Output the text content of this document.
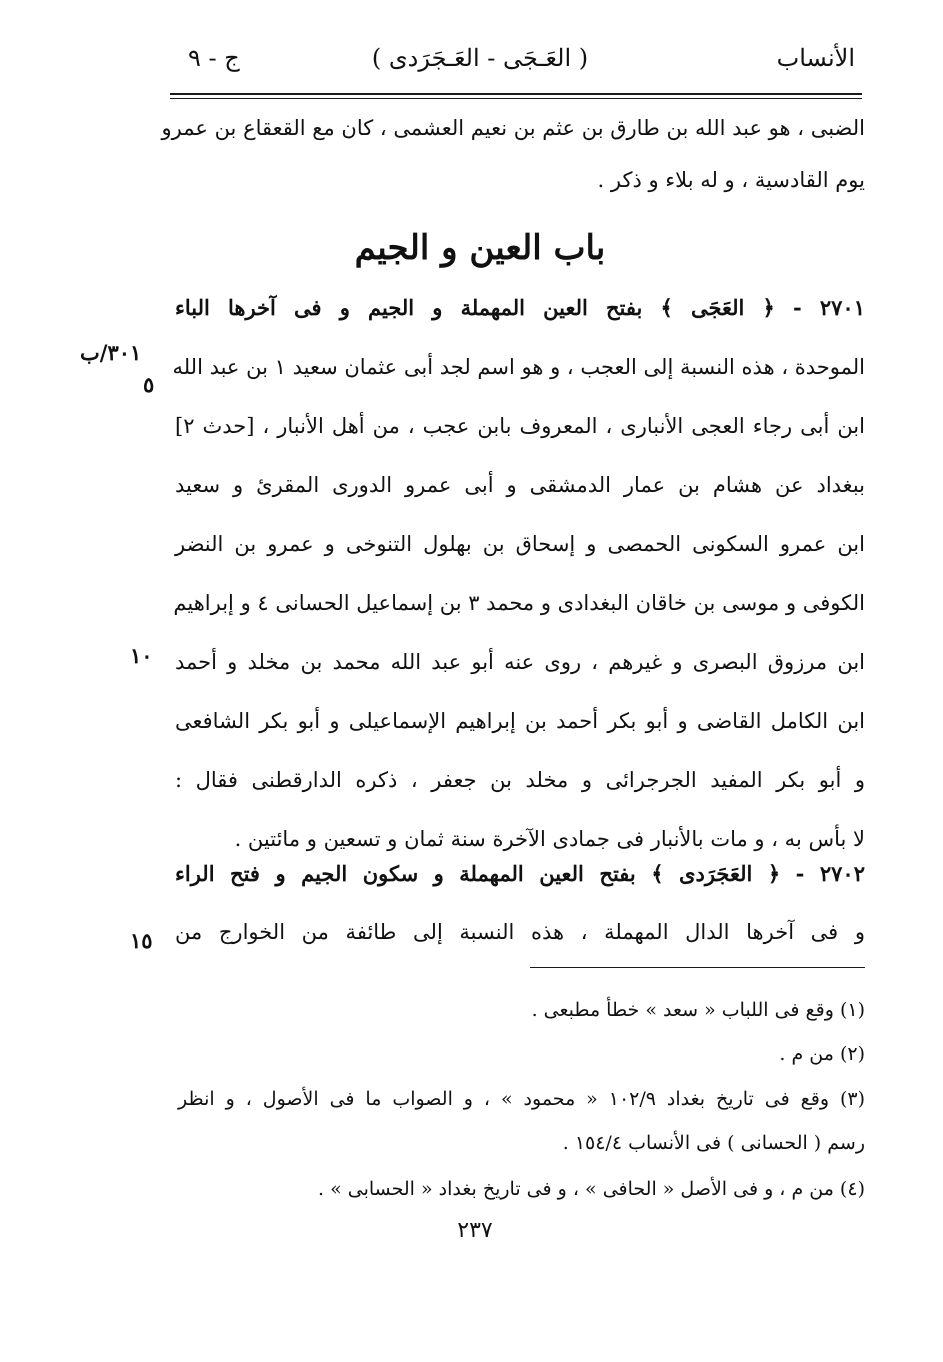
ج - ٩	( العَـجَى - العَـجَرَدى )	الأنساب
الضبى ، هو عبد الله بن طارق بن عثم بن نعيم العشمى ، كان مع القعقاع بن عمرو
يوم القادسية ، و له بلاء و ذكر .
باب العين و الجيم
٢٧٠١ - ﴿ العَجَى ﴾ بفتح العين المهملة و الجيم و فى آخرها الباء
الموحدة ، هذه النسبة إلى العجب ، و هو اسم لجد أبى عثمان سعيد ١ بن عبد الله
ابن أبى رجاء العجى الأنبارى ، المعروف بابن عجب ، من أهل الأنبار ، [حدث ٢]
ببغداد عن هشام بن عمار الدمشقى و أبى عمرو الدورى المقرئ و سعيد
ابن عمرو السكونى الحمصى و إسحاق بن بهلول التنوخى و عمرو بن النضر
الكوفى و موسى بن خاقان البغدادى و محمد ٣ بن إسماعيل الحسانى ٤ و إبراهيم
ابن مرزوق البصرى و غيرهم ، روى عنه أبو عبد الله محمد بن مخلد و أحمد
ابن الكامل القاضى و أبو بكر أحمد بن إبراهيم الإسماعيلى و أبو بكر الشافعى
و أبو بكر المفيد الجرجرائى و مخلد بن جعفر ، ذكره الدارقطنى فقال :
لا بأس به ، و مات بالأنبار فى جمادى الآخرة سنة ثمان و تسعين و مائتين .
٢٧٠٢ - ﴿ العَجَرَدى ﴾ بفتح العين المهملة و سكون الجيم و فتح الراء
و فى آخرها الدال المهملة ، هذه النسبة إلى طائفة من الخوارج من
٣٠١/ب
٥
١٠
١٥
(١) وقع فى اللباب « سعد » خطأ مطبعى .
(٢) من م .
(٣) وقع فى تاريخ بغداد ١٠٢/٩ « محمود » ، و الصواب ما فى الأصول ، و انظر
رسم ( الحسانى ) فى الأنساب ١٥٤/٤ .
(٤) من م ، و فى الأصل « الحافى » ، و فى تاريخ بغداد « الحسابى » .
٢٣٧
